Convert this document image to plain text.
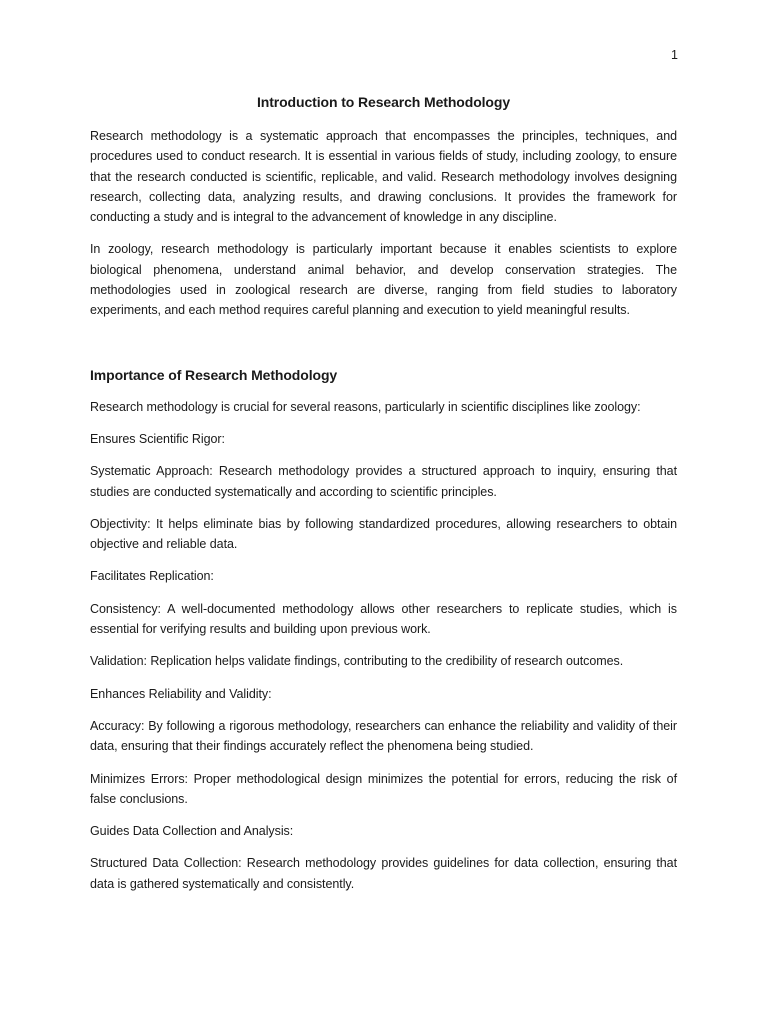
1
Introduction to Research Methodology

Research methodology is a systematic approach that encompasses the principles, techniques, and procedures used to conduct research. It is essential in various fields of study, including zoology, to ensure that the research conducted is scientific, replicable, and valid. Research methodology involves designing research, collecting data, analyzing results, and drawing conclusions. It provides the framework for conducting a study and is integral to the advancement of knowledge in any discipline.

In zoology, research methodology is particularly important because it enables scientists to explore biological phenomena, understand animal behavior, and develop conservation strategies. The methodologies used in zoological research are diverse, ranging from field studies to laboratory experiments, and each method requires careful planning and execution to yield meaningful results.

Importance of Research Methodology

Research methodology is crucial for several reasons, particularly in scientific disciplines like zoology:

Ensures Scientific Rigor:

Systematic Approach: Research methodology provides a structured approach to inquiry, ensuring that studies are conducted systematically and according to scientific principles.

Objectivity: It helps eliminate bias by following standardized procedures, allowing researchers to obtain objective and reliable data.

Facilitates Replication:

Consistency: A well-documented methodology allows other researchers to replicate studies, which is essential for verifying results and building upon previous work.

Validation: Replication helps validate findings, contributing to the credibility of research outcomes.

Enhances Reliability and Validity:

Accuracy: By following a rigorous methodology, researchers can enhance the reliability and validity of their data, ensuring that their findings accurately reflect the phenomena being studied.

Minimizes Errors: Proper methodological design minimizes the potential for errors, reducing the risk of false conclusions.

Guides Data Collection and Analysis:

Structured Data Collection: Research methodology provides guidelines for data collection, ensuring that data is gathered systematically and consistently.
